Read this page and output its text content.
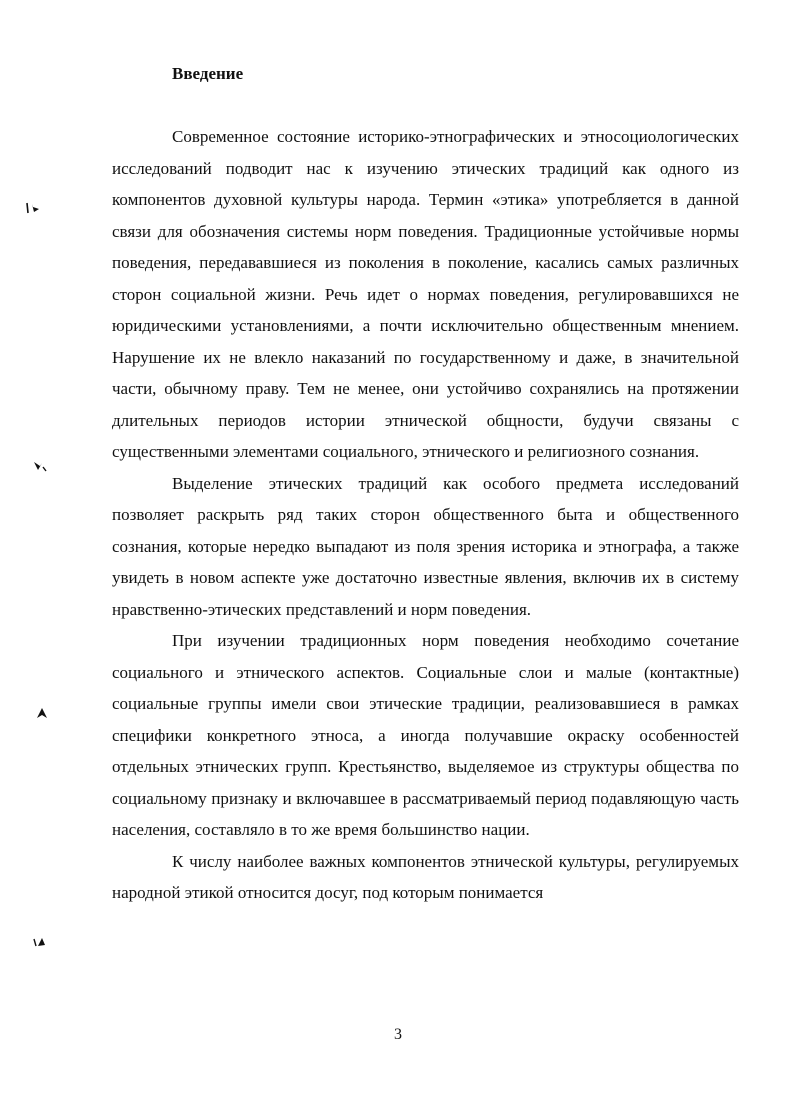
Введение

Современное состояние историко-этнографических и этносоциологических исследований подводит нас к изучению этических традиций как одного из компонентов духовной культуры народа. Термин «этика» употребляется в данной связи для обозначения системы норм поведения. Традиционные устойчивые нормы поведения, передававшиеся из поколения в поколение, касались самых различных сторон социальной жизни. Речь идет о нормах поведения, регулировавшихся не юридическими установлениями, а почти исключительно общественным мнением. Нарушение их не влекло наказаний по государственному и даже, в значительной части, обычному праву. Тем не менее, они устойчиво сохранялись на протяжении длительных периодов истории этнической общности, будучи связаны с существенными элементами социального, этнического и религиозного сознания.

Выделение этических традиций как особого предмета исследований позволяет раскрыть ряд таких сторон общественного быта и общественного сознания, которые нередко выпадают из поля зрения историка и этнографа, а также увидеть в новом аспекте уже достаточно известные явления, включив их в систему нравственно-этических представлений и норм поведения.

При изучении традиционных норм поведения необходимо сочетание социального и этнического аспектов. Социальные слои и малые (контактные) социальные группы имели свои этические традиции, реализовавшиеся в рамках специфики конкретного этноса, а иногда получавшие окраску особенностей отдельных этнических групп. Крестьянство, выделяемое из структуры общества по социальному признаку и включавшее в рассматриваемый период подавляющую часть населения, составляло в то же время большинство нации.

К числу наиболее важных компонентов этнической культуры, регулируемых народной этикой относится досуг, под которым понимается

3
